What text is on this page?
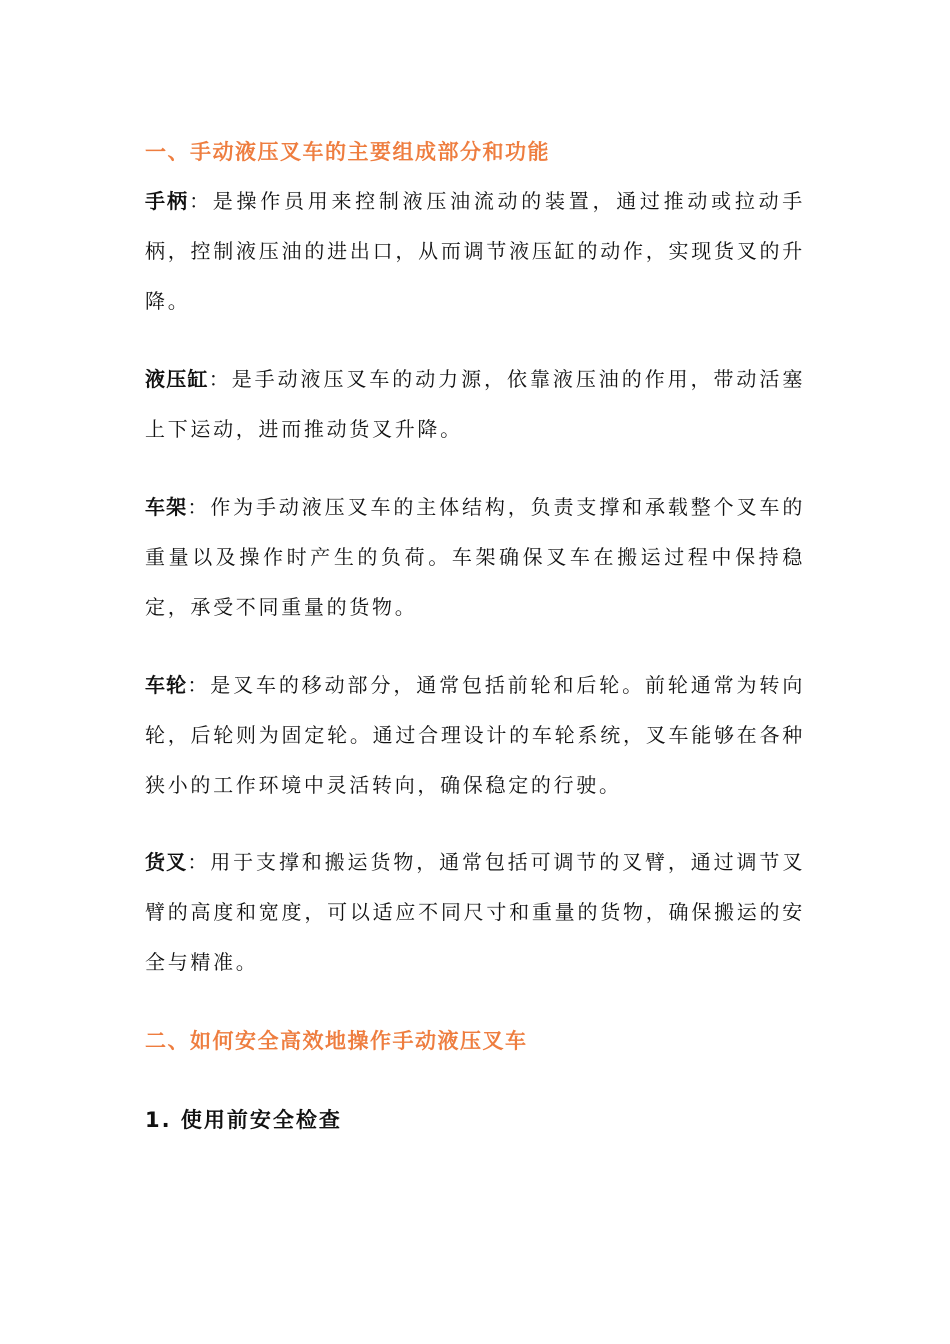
一、手动液压叉车的主要组成部分和功能
手柄：是操作员用来控制液压油流动的装置，通过推动或拉动手柄，控制液压油的进出口，从而调节液压缸的动作，实现货叉的升降。
液压缸：是手动液压叉车的动力源，依靠液压油的作用，带动活塞上下运动，进而推动货叉升降。
车架：作为手动液压叉车的主体结构，负责支撑和承载整个叉车的重量以及操作时产生的负荷。车架确保叉车在搬运过程中保持稳定，承受不同重量的货物。
车轮：是叉车的移动部分，通常包括前轮和后轮。前轮通常为转向轮，后轮则为固定轮。通过合理设计的车轮系统，叉车能够在各种狭小的工作环境中灵活转向，确保稳定的行驶。
货叉：用于支撑和搬运货物，通常包括可调节的叉臂，通过调节叉臂的高度和宽度，可以适应不同尺寸和重量的货物，确保搬运的安全与精准。
二、如何安全高效地操作手动液压叉车
1. 使用前安全检查
